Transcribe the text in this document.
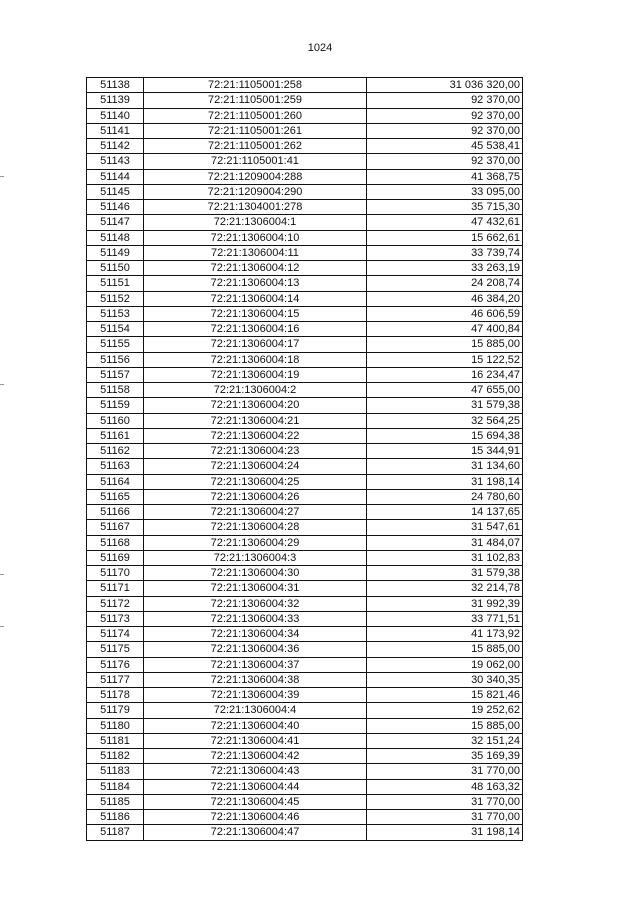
1024
51138	72:21:1105001:258	31 036 320,00
51139	72:21:1105001:259	92 370,00
51140	72:21:1105001:260	92 370,00
51141	72:21:1105001:261	92 370,00
51142	72:21:1105001:262	45 538,41
51143	72:21:1105001:41	92 370,00
51144	72:21:1209004:288	41 368,75
51145	72:21:1209004:290	33 095,00
51146	72:21:1304001:278	35 715,30
51147	72:21:1306004:1	47 432,61
51148	72:21:1306004:10	15 662,61
51149	72:21:1306004:11	33 739,74
51150	72:21:1306004:12	33 263,19
51151	72:21:1306004:13	24 208,74
51152	72:21:1306004:14	46 384,20
51153	72:21:1306004:15	46 606,59
51154	72:21:1306004:16	47 400,84
51155	72:21:1306004:17	15 885,00
51156	72:21:1306004:18	15 122,52
51157	72:21:1306004:19	16 234,47
51158	72:21:1306004:2	47 655,00
51159	72:21:1306004:20	31 579,38
51160	72:21:1306004:21	32 564,25
51161	72:21:1306004:22	15 694,38
51162	72:21:1306004:23	15 344,91
51163	72:21:1306004:24	31 134,60
51164	72:21:1306004:25	31 198,14
51165	72:21:1306004:26	24 780,60
51166	72:21:1306004:27	14 137,65
51167	72:21:1306004:28	31 547,61
51168	72:21:1306004:29	31 484,07
51169	72:21:1306004:3	31 102,83
51170	72:21:1306004:30	31 579,38
51171	72:21:1306004:31	32 214,78
51172	72:21:1306004:32	31 992,39
51173	72:21:1306004:33	33 771,51
51174	72:21:1306004:34	41 173,92
51175	72:21:1306004:36	15 885,00
51176	72:21:1306004:37	19 062,00
51177	72:21:1306004:38	30 340,35
51178	72:21:1306004:39	15 821,46
51179	72:21:1306004:4	19 252,62
51180	72:21:1306004:40	15 885,00
51181	72:21:1306004:41	32 151,24
51182	72:21:1306004:42	35 169,39
51183	72:21:1306004:43	31 770,00
51184	72:21:1306004:44	48 163,32
51185	72:21:1306004:45	31 770,00
51186	72:21:1306004:46	31 770,00
51187	72:21:1306004:47	31 198,14
